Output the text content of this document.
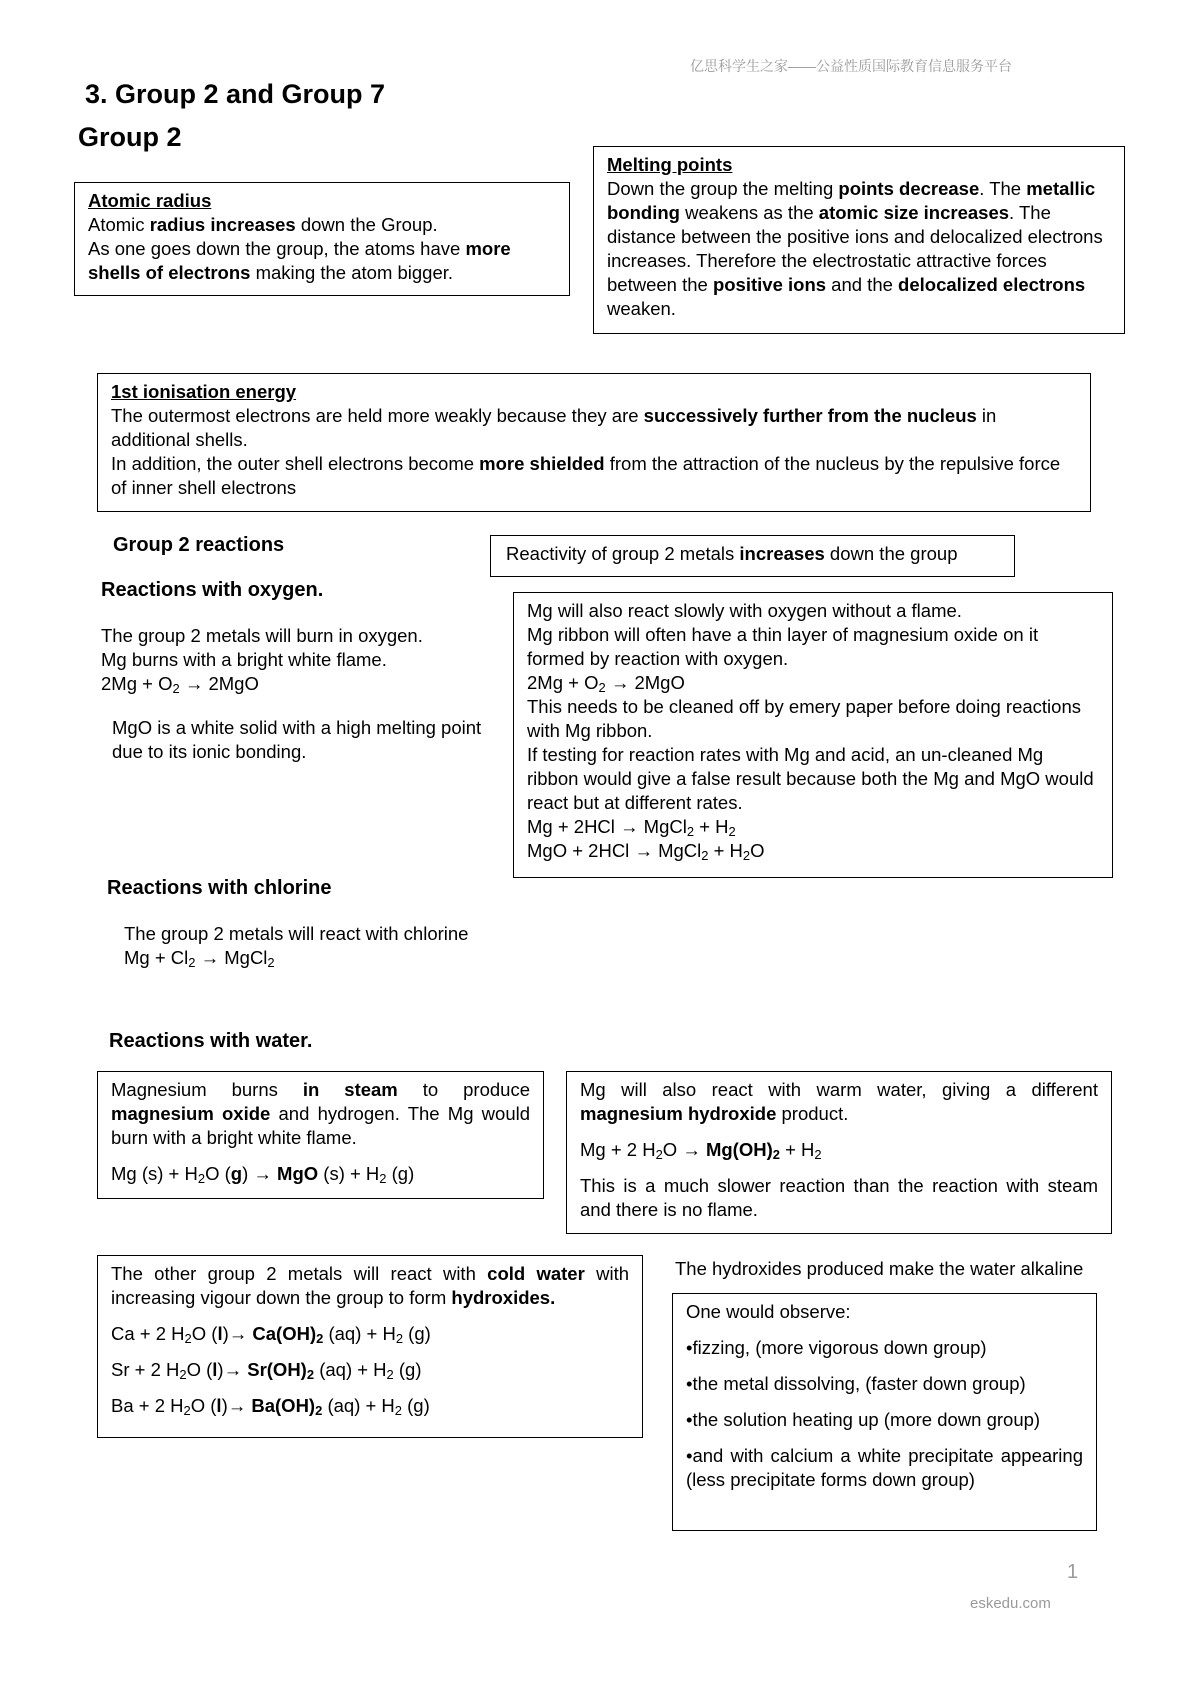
亿思科学生之家——公益性质国际教育信息服务平台
3. Group 2 and Group 7
Group 2

Atomic radius

Atomic radius increases down the Group.

As one goes down the group, the atoms have more shells of electrons making the atom bigger.

Melting points

Down the group the melting points decrease. The metallic bonding weakens as the atomic size increases. The distance between the positive ions and delocalized electrons increases. Therefore the electrostatic attractive forces between the positive ions and the delocalized electrons weaken.

1st ionisation energy

The outermost electrons are held more weakly because they are successively further from the nucleus in additional shells.

In addition, the outer shell electrons become more shielded from the attraction of the nucleus by the repulsive force of inner shell electrons

Group 2 reactions	Reactivity of group 2 metals increases down the group

Reactions with oxygen.
The group 2 metals will burn in oxygen.
Mg burns with a bright white flame.
$2Mg + O_2 \to 2MgO$
MgO is a white solid with a high melting point due to its ionic bonding.

Mg will also react slowly with oxygen without a flame.

Mg ribbon will often have a thin layer of magnesium oxide on it formed by reaction with oxygen.

$2Mg + O_2 \to 2MgO$

This needs to be cleaned off by emery paper before doing reactions with Mg ribbon.

If testing for reaction rates with Mg and acid, an un-cleaned Mg ribbon would give a false result because both the Mg and MgO would react but at different rates.

Mg + 2HCl → MgCl$_2$ + $H_2$

MgO + 2HCl → MgCl$_2$ + $H_2O$

Reactions with chlorine
The group 2 metals will react with chlorine
$Mg + Cl_2$ → MgCl$_2$
Reactions with water.

Magnesium burns in steam to produce magnesium oxide and hydrogen. The Mg would burn with a bright white flame.

Mg $(s) + H_2O$ (g) → MgO $(s) + H_2$ (g)

Mg will also react with warm water, giving a different magnesium hydroxide product.

Mg + 2 $H_2O \to Mg(OH)_2 + H_2$

This is a much slower reaction than the reaction with steam and there is no flame.

The other group 2 metals will react with cold water with increasing vigour down the group to form hydroxides.

Ca + 2 $H_2O$ $(l)\to Ca(OH)_2$ $(aq) + H_2$ (g)

Sr + 2 $H_2O$ $(l)\to Sr(OH)_2$ $(aq) + H_2$ (g)

Ba + 2 $H_2O$ $(l)\to Ba(OH)_2$ $(aq) + H_2$ (g)

The hydroxides produced make the water alkaline

One would observe:

•fizzing, (more vigorous down group)

•the metal dissolving, (faster down group)

•the solution heating up (more down group)

•and with calcium a white precipitate appearing (less precipitate forms down group)

1
eskedu.com
